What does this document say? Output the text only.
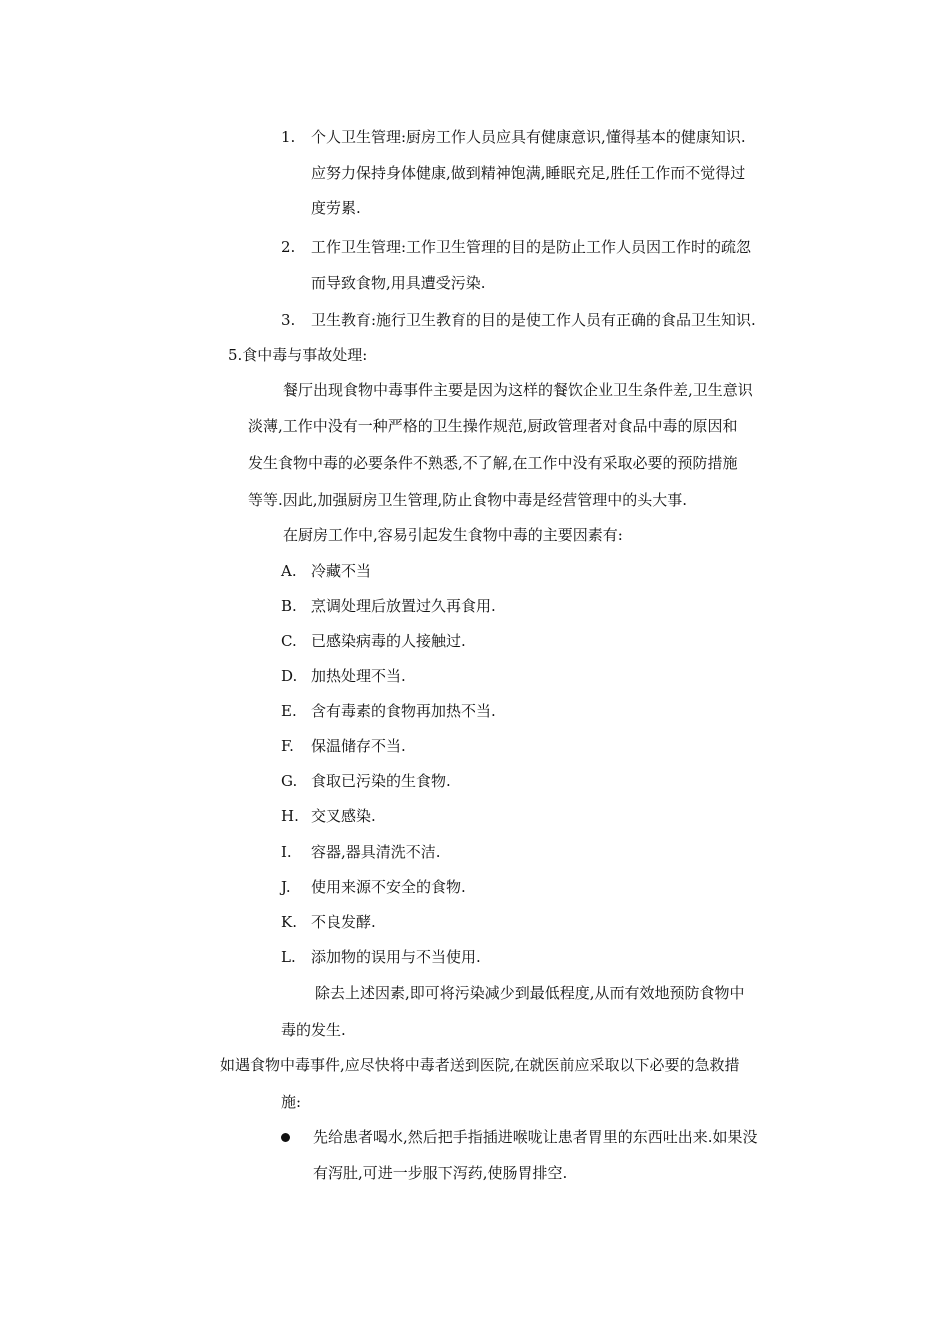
1. 个人卫生管理:厨房工作人员应具有健康意识,懂得基本的健康知识.
应努力保持身体健康,做到精神饱满,睡眠充足,胜任工作而不觉得过
度劳累.
2. 工作卫生管理:工作卫生管理的目的是防止工作人员因工作时的疏忽
而导致食物,用具遭受污染.
3. 卫生教育:施行卫生教育的目的是使工作人员有正确的食品卫生知识.
5.食中毒与事故处理:
餐厅出现食物中毒事件主要是因为这样的餐饮企业卫生条件差,卫生意识
淡薄,工作中没有一种严格的卫生操作规范,厨政管理者对食品中毒的原因和
发生食物中毒的必要条件不熟悉,不了解,在工作中没有采取必要的预防措施
等等.因此,加强厨房卫生管理,防止食物中毒是经营管理中的头大事.
在厨房工作中,容易引起发生食物中毒的主要因素有:
A. 冷藏不当
B. 烹调处理后放置过久再食用.
C. 已感染病毒的人接触过.
D. 加热处理不当.
E. 含有毒素的食物再加热不当.
F. 保温储存不当.
G. 食取已污染的生食物.
H. 交叉感染.
I. 容器,器具清洗不洁.
J. 使用来源不安全的食物.
K. 不良发酵.
L. 添加物的误用与不当使用.
除去上述因素,即可将污染减少到最低程度,从而有效地预防食物中
毒的发生.
如遇食物中毒事件,应尽快将中毒者送到医院,在就医前应采取以下必要的急救措
施:
先给患者喝水,然后把手指插进喉咙让患者胃里的东西吐出来.如果没
有泻肚,可进一步服下泻药,使肠胃排空.
